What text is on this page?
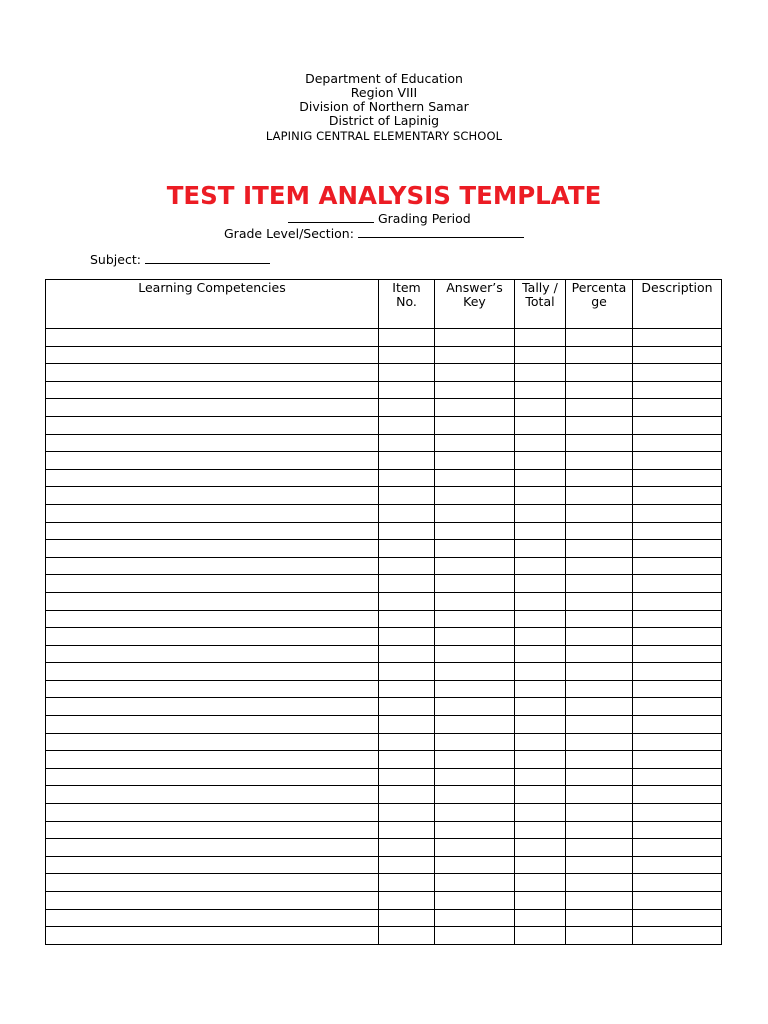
Department of Education
Region VIII
Division of Northern Samar
District of Lapinig
LAPINIG CENTRAL ELEMENTARY SCHOOL
TEST ITEM ANALYSIS TEMPLATE
Grading Period
Grade Level/Section:
Subject:
Learning Competencies	Item No.	Answer’s Key	Tally /Total	Percentage	Description
